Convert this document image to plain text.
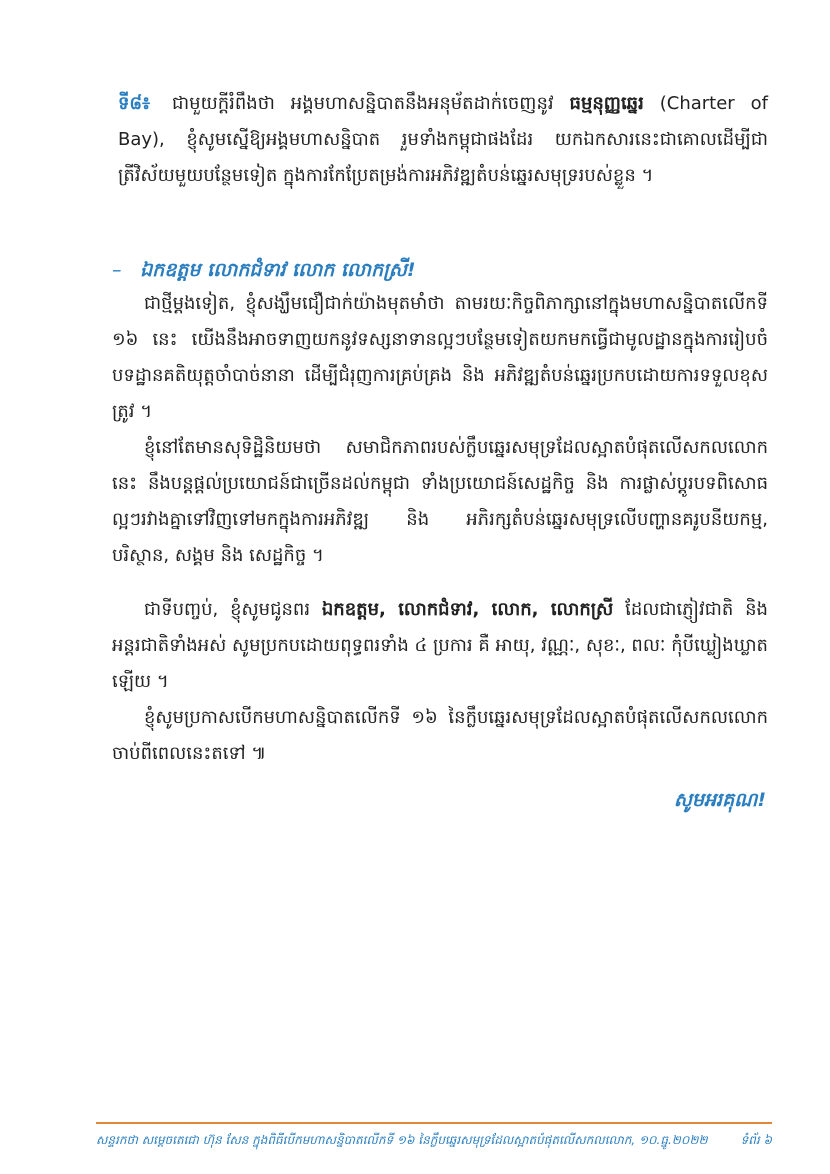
ទី៨៖ ជាមួយក្ដីរំពឹងថា អង្គមហាសន្និបាតនឹងអនុម័តដាក់ចេញនូវ ធម្មនុញ្ញឆ្នេរ (Charter of Bay), ខ្ញុំសូមស្នើឱ្យអង្គមហាសន្និបាត រួមទាំងកម្ពុជាផងដែរ យកឯកសារនេះជាគោលដើម្បីជាត្រីវិស័យមួយបន្ថែមទៀត ក្នុងការកែប្រែតម្រង់ការអភិវឌ្ឍតំបន់ឆ្នេរសមុទ្ររបស់ខ្លួន ។
– ឯកឧត្ដម លោកជំទាវ លោក លោកស្រី!
ជាថ្មីម្តងទៀត, ខ្ញុំសង្ឃឹមជឿជាក់យ៉ាងមុតមាំថា តាមរយៈកិច្ចពិភាក្សានៅក្នុងមហាសន្និបាតលើកទី ១៦ នេះ យើងនឹងអាចទាញយកនូវទស្សនាទានល្អៗបន្ថែមទៀតយកមកធ្វើជាមូលដ្ឋានក្នុងការរៀបចំបទដ្ឋានគតិយុត្តចាំបាច់នានា ដើម្បីជំរុញការគ្រប់គ្រង និង អភិវឌ្ឍតំបន់ឆ្នេរប្រកបដោយការទទួលខុសត្រូវ ។
ខ្ញុំនៅតែមានសុទិដ្ឋិនិយមថា សមាជិកភាពរបស់ក្លឹបឆ្នេរសមុទ្រដែលស្អាតបំផុតលើសកលលោកនេះ នឹងបន្តផ្តល់ប្រយោជន៍ជាច្រើនដល់កម្ពុជា ទាំងប្រយោជន៍សេដ្ឋកិច្ច និង ការផ្លាស់ប្តូរបទពិសោធល្អៗរវាងគ្នាទៅវិញទៅមកក្នុងការអភិវឌ្ឍ និង អភិរក្សតំបន់ឆ្នេរសមុទ្រលើបញ្ហានគរូបនីយកម្ម, បរិស្ថាន, សង្គម និង សេដ្ឋកិច្ច ។
ជាទីបញ្ចប់, ខ្ញុំសូមជូនពរ ឯកឧត្តម, លោកជំទាវ, លោក, លោកស្រី ដែលជាភ្ញៀវជាតិ និង អន្តរជាតិទាំងអស់ សូមប្រកបដោយពុទ្ធពរទាំង ៤ ប្រការ គឺ អាយុ, វណ្ណៈ, សុខៈ, ពលៈ កុំបីឃ្លៀងឃ្លាតឡើយ ។
ខ្ញុំសូមប្រកាសបើកមហាសន្និបាតលើកទី ១៦ នៃក្លឹបឆ្នេរសមុទ្រដែលស្អាតបំផុតលើសកលលោក ចាប់ពីពេលនេះតទៅ ៕
សូមអរគុណ!
សន្ទរកថា សម្តេចតេជោ ហ៊ុន សែន ក្នុងពិធីបើកមហាសន្និបាតលើកទី ១៦ នៃក្លឹបឆ្នេរសមុទ្រដែលស្អាតបំផុតលើសកលលោក, ១០.ធ្នូ.២០២២	ទំព័រ ៦
